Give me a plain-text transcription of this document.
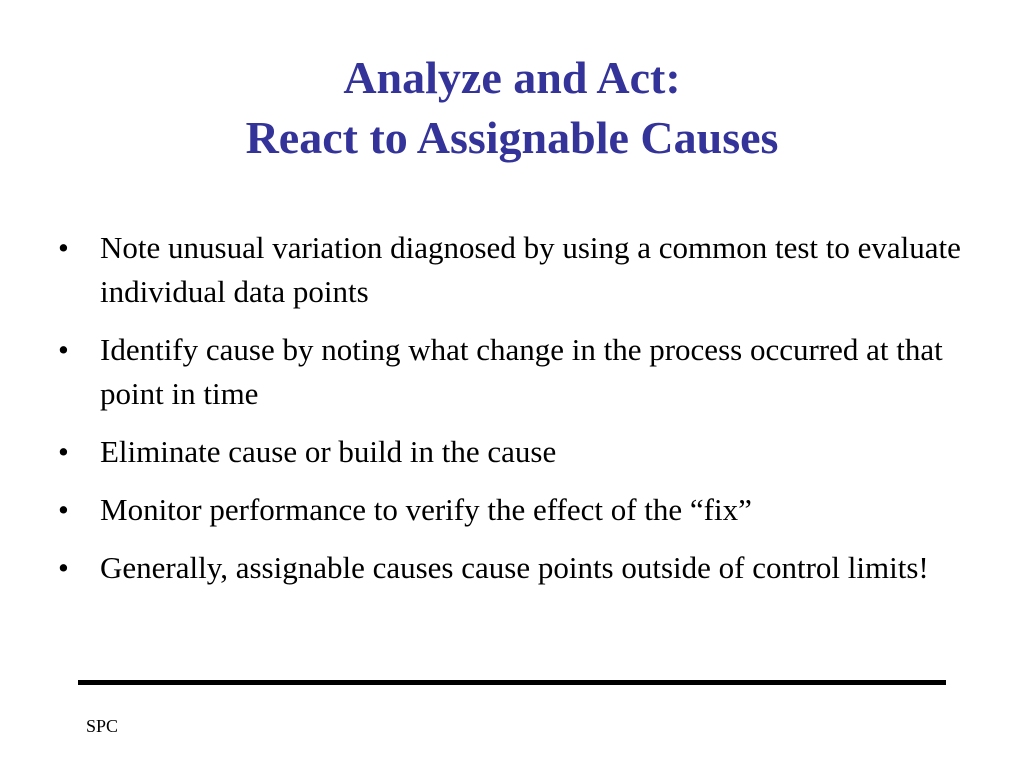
Analyze and Act:
React to Assignable Causes
•	Note unusual variation diagnosed by using a common test to evaluate individual data points
•	Identify cause by noting what change in the process occurred at that point in time
•	Eliminate cause or build in the cause
•	Monitor performance to verify the effect of the “fix”
•	Generally, assignable causes cause points outside of control limits!
SPC
